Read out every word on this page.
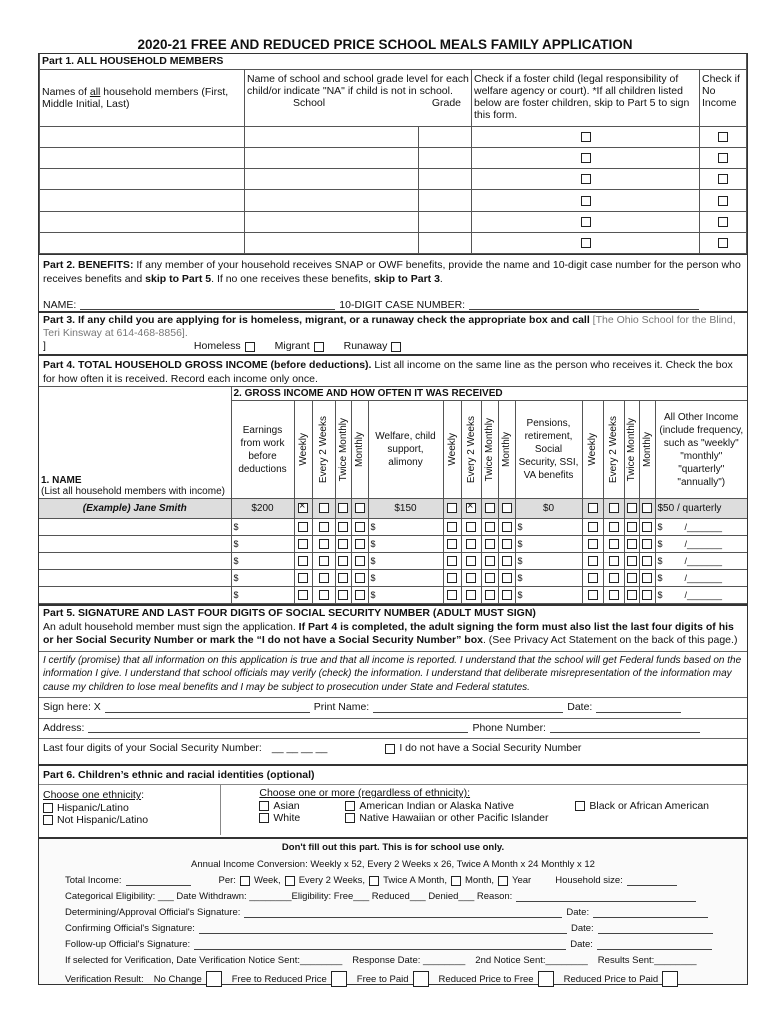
2020-21 FREE AND REDUCED PRICE SCHOOL MEALS FAMILY APPLICATION
Part 1. ALL HOUSEHOLD MEMBERS				
Names of all household members (First, Middle Initial, Last)	Name of school and school grade level for each child/or indicate "NA" if child is not in school.
School Grade		Check if a foster child (legal responsibility of welfare agency or court). *If all children listed below are foster children, skip to Part 5 to sign this form.	Check if No Income

Part 2. BENEFITS: If any member of your household receives SNAP or OWF benefits, provide the name and 10-digit case number for the person who receives benefits and skip to Part 5. If no one receives these benefits, skip to Part 3.
NAME:	10-DIGIT CASE NUMBER:
Part 3. If any child you are applying for is homeless, migrant, or a runaway check the appropriate box and call [The Ohio School for the Blind, Teri Kinsway at 614-468-8856].
]	Homeless	Migrant	Runaway
Part 4. TOTAL HOUSEHOLD GROSS INCOME (before deductions). List all income on the same line as the person who receives it. Check the box for how often it is received. Record each income only once.
1. NAME
(List all household members with income)	2. GROSS INCOME AND HOW OFTEN IT WAS RECEIVED															
	Earnings from work before deductions	Weekly	Every 2 Weeks	Twice Monthly	Monthly	Welfare, child support, alimony	Weekly	Every 2 Weeks	Twice Monthly	Monthly	Pensions, retirement, Social Security, SSI, VA benefits	Weekly	Every 2 Weeks	Twice Monthly	Monthly	All Other Income (include frequency, such as "weekly" "monthly" "quarterly" "annually")
(Example) Jane Smith	$200	×				$150		×			$0					$50 / quarterly
	$					$					$					$ /_______
	$					$					$					$ /_______
	$					$					$					$ /_______
	$					$					$					$ /_______
	$					$					$					$ /_______
Part 5. SIGNATURE AND LAST FOUR DIGITS OF SOCIAL SECURITY NUMBER (ADULT MUST SIGN)
An adult household member must sign the application. If Part 4 is completed, the adult signing the form must also list the last four digits of his or her Social Security Number or mark the “I do not have a Social Security Number” box. (See Privacy Act Statement on the back of this page.)
I certify (promise) that all information on this application is true and that all income is reported. I understand that the school will get Federal funds based on the information I give. I understand that school officials may verify (check) the information. I understand that deliberate misrepresentation of the information may cause my children to lose meal benefits and I may be subject to prosecution under State and Federal statutes.
Sign here: X	Print Name:	Date:
Address:	Phone Number:
Last four digits of your Social Security Number: __ __ __ __	I do not have a Social Security Number
Part 6. Children’s ethnic and racial identities (optional)
Choose one ethnicity:
Hispanic/Latino
Not Hispanic/Latino
Choose one or more (regardless of ethnicity):
Asian	American Indian or Alaska Native	Black or African American
White	Native Hawaiian or other Pacific Islander
Don't fill out this part. This is for school use only.
Annual Income Conversion: Weekly x 52, Every 2 Weeks x 26, Twice A Month x 24 Monthly x 12
Total Income:	Per: Week, Every 2 Weeks, Twice A Month, Month, Year	Household size:
Categorical Eligibility: ___ Date Withdrawn: ________Eligibility: Free___ Reduced___ Denied___ Reason:
Determining/Approval Official's Signature:	Date:
Confirming Official's Signature:	Date:
Follow-up Official's Signature:	Date:
If selected for Verification, Date Verification Notice Sent:________ Response Date: ________ 2nd Notice Sent:________ Results Sent:________
Verification Result: No Change	Free to Reduced Price	Free to Paid	Reduced Price to Free	Reduced Price to Paid
